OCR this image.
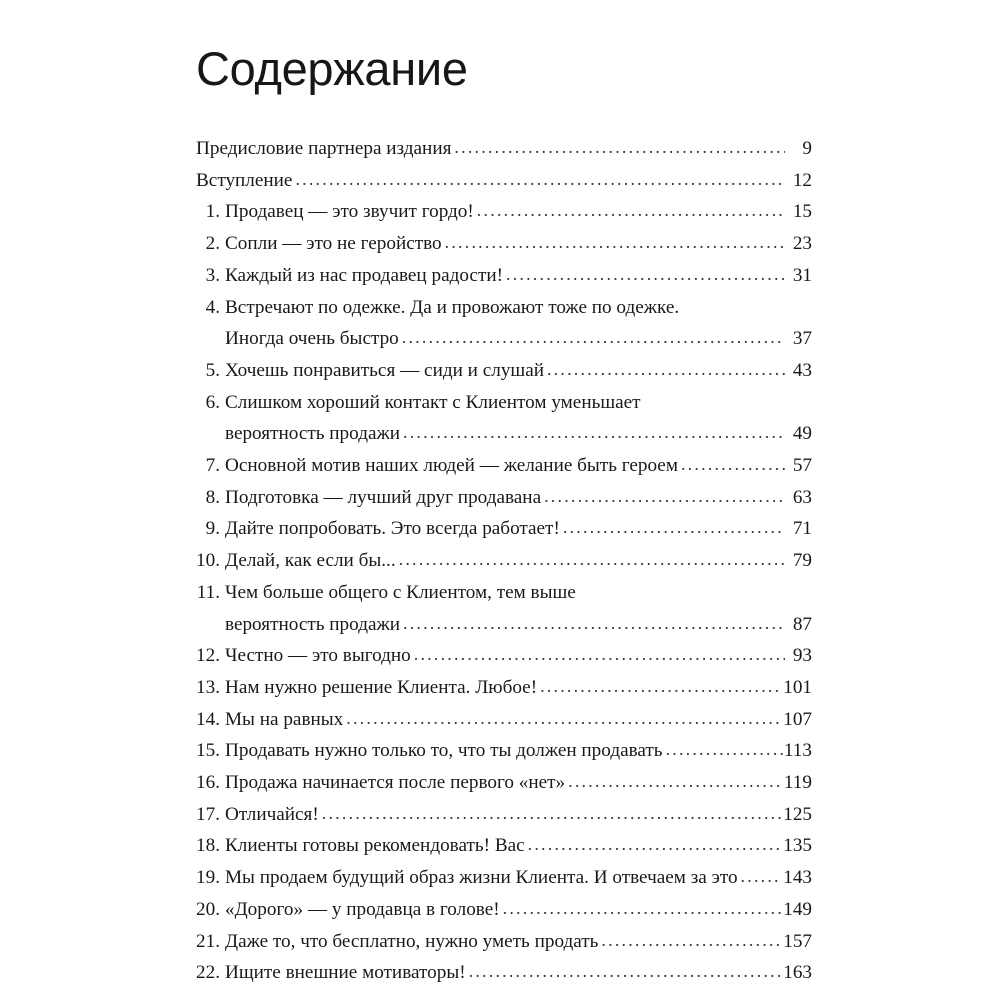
Содержание
Предисловие партнера издания .....	9
Вступление .....	12
1. Продавец — это звучит гордо! .....	15
2. Сопли — это не геройство .....	23
3. Каждый из нас продавец радости! .....	31
4. Встречают по одежке. Да и провожают тоже по одежке.
Иногда очень быстро .....	37
5. Хочешь понравиться — сиди и слушай .....	43
6. Слишком хороший контакт с Клиентом уменьшает
вероятность продажи .....	49
7. Основной мотив наших людей — желание быть героем .....	57
8. Подготовка — лучший друг продавана .....	63
9. Дайте попробовать. Это всегда работает! .....	71
10. Делай, как если бы... .....	79
11. Чем больше общего с Клиентом, тем выше
вероятность продажи .....	87
12. Честно — это выгодно .....	93
13. Нам нужно решение Клиента. Любое! .....	101
14. Мы на равных .....	107
15. Продавать нужно только то, что ты должен продавать .....	113
16. Продажа начинается после первого «нет» .....	119
17. Отличайся! .....	125
18. Клиенты готовы рекомендовать! Вас .....	135
19. Мы продаем будущий образ жизни Клиента. И отвечаем за это ..... 143
20. «Дорого» — у продавца в голове! .....	149
21. Даже то, что бесплатно, нужно уметь продать .....	157
22. Ищите внешние мотиваторы! .....	163
